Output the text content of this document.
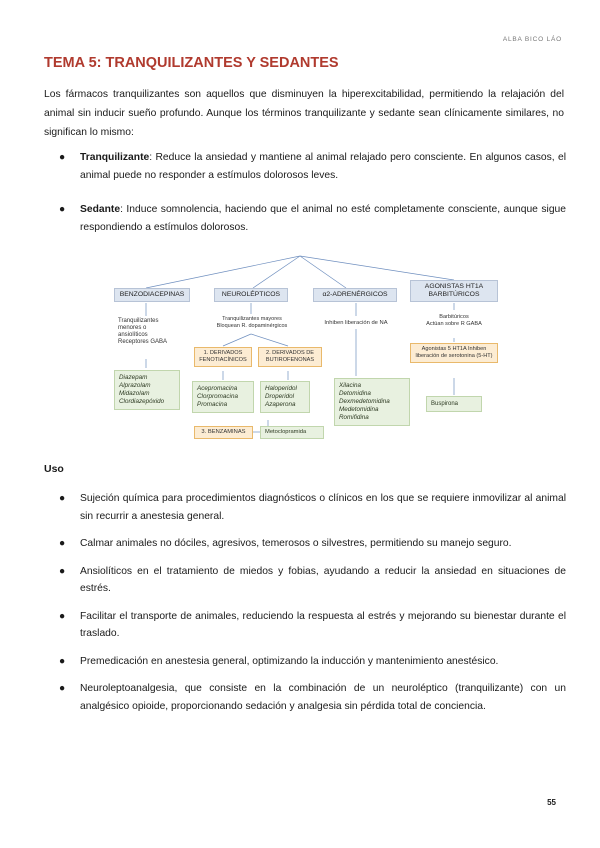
ALBA BICO LÁO
TEMA 5: TRANQUILIZANTES Y SEDANTES
Los fármacos tranquilizantes son aquellos que disminuyen la hiperexcitabilidad, permitiendo la relajación del animal sin inducir sueño profundo. Aunque los términos tranquilizante y sedante sean clínicamente similares, no significan lo mismo:
● Tranquilizante: Reduce la ansiedad y mantiene al animal relajado pero consciente. En algunos casos, el animal puede no responder a estímulos dolorosos leves.
● Sedante: Induce somnolencia, haciendo que el animal no esté completamente consciente, aunque sigue respondiendo a estímulos dolorosos.
BENZODIACEPINAS
Tranquilizantes
menores o
ansiolíticos
Receptores GABA
Diazepam
Alprazolam
Midazolam
Clordiazepóxido
NEUROLÉPTICOS
Tranquilizantes mayores
Bloquean R. dopaminérgicos
1. DERIVADOS FENOTIACÍNICOS
2. DERIVADOS DE BUTIROFENONAS
Acepromacina
Clorpromacina
Promacina
Haloperidol
Droperidol
Azaperona
3. BENZAMINAS	Metoclopramida
α2-ADRENÉRGICOS
Inhiben liberación de NA
Xilacina
Detomidina
Dexmedetomidina
Medetomidina
Romifidina
AGONISTAS HT1A BARBITÚRICOS
Barbitúricos
Actúan sobre R GABA
Agonistas 5 HT1A Inhiben liberación de serotonina (5-HT)
Buspirona
Uso
● Sujeción química para procedimientos diagnósticos o clínicos en los que se requiere inmovilizar al animal sin recurrir a anestesia general.
● Calmar animales no dóciles, agresivos, temerosos o silvestres, permitiendo su manejo seguro.
● Ansiolíticos en el tratamiento de miedos y fobias, ayudando a reducir la ansiedad en situaciones de estrés.
● Facilitar el transporte de animales, reduciendo la respuesta al estrés y mejorando su bienestar durante el traslado.
● Premedicación en anestesia general, optimizando la inducción y mantenimiento anestésico.
● Neuroleptoanalgesia, que consiste en la combinación de un neuroléptico (tranquilizante) con un analgésico opioide, proporcionando sedación y analgesia sin pérdida total de conciencia.
55
